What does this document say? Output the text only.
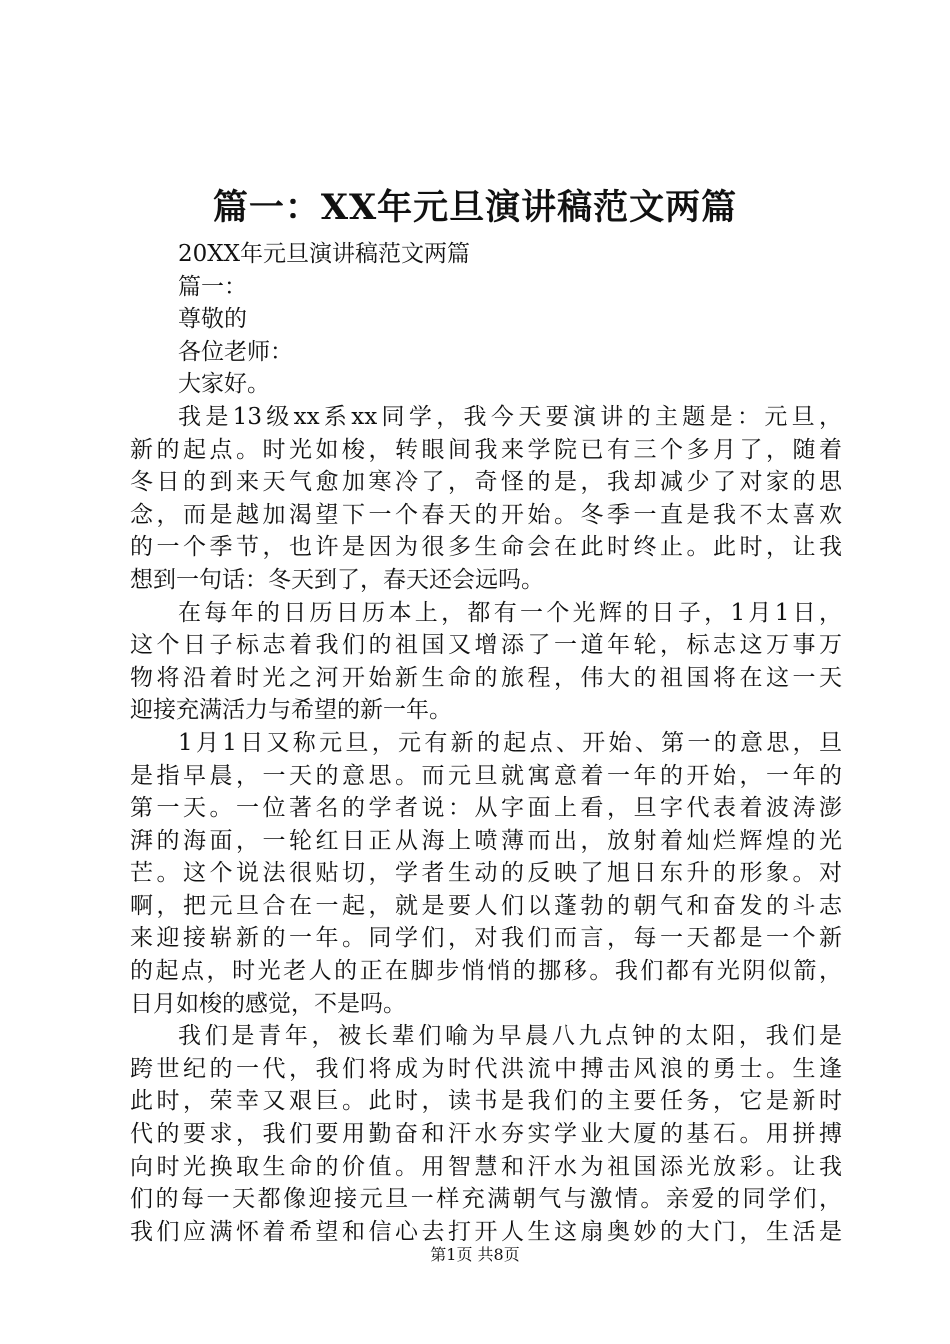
篇一：XX年元旦演讲稿范文两篇
20XX年元旦演讲稿范文两篇
篇一：
尊敬的
各位老师：
大家好。
我是13级xx系xx同学，我今天要演讲的主题是：元旦，
新的起点。时光如梭，转眼间我来学院已有三个多月了，随着
冬日的到来天气愈加寒冷了，奇怪的是，我却减少了对家的思
念，而是越加渴望下一个春天的开始。冬季一直是我不太喜欢
的一个季节，也许是因为很多生命会在此时终止。此时，让我
想到一句话：冬天到了，春天还会远吗。
在每年的日历日历本上，都有一个光辉的日子，1月1日，
这个日子标志着我们的祖国又增添了一道年轮，标志这万事万
物将沿着时光之河开始新生命的旅程，伟大的祖国将在这一天
迎接充满活力与希望的新一年。
1月1日又称元旦，元有新的起点、开始、第一的意思，旦
是指早晨，一天的意思。而元旦就寓意着一年的开始，一年的
第一天。一位著名的学者说：从字面上看，旦字代表着波涛澎
湃的海面，一轮红日正从海上喷薄而出，放射着灿烂辉煌的光
芒。这个说法很贴切，学者生动的反映了旭日东升的形象。对
啊，把元旦合在一起，就是要人们以蓬勃的朝气和奋发的斗志
来迎接崭新的一年。同学们，对我们而言，每一天都是一个新
的起点，时光老人的正在脚步悄悄的挪移。我们都有光阴似箭，
日月如梭的感觉，不是吗。
我们是青年，被长辈们喻为早晨八九点钟的太阳，我们是
跨世纪的一代，我们将成为时代洪流中搏击风浪的勇士。生逢
此时，荣幸又艰巨。此时，读书是我们的主要任务，它是新时
代的要求，我们要用勤奋和汗水夯实学业大厦的基石。用拼搏
向时光换取生命的价值。用智慧和汗水为祖国添光放彩。让我
们的每一天都像迎接元旦一样充满朝气与激情。亲爱的同学们，
我们应满怀着希望和信心去打开人生这扇奥妙的大门，生活是
第1页 共8页
